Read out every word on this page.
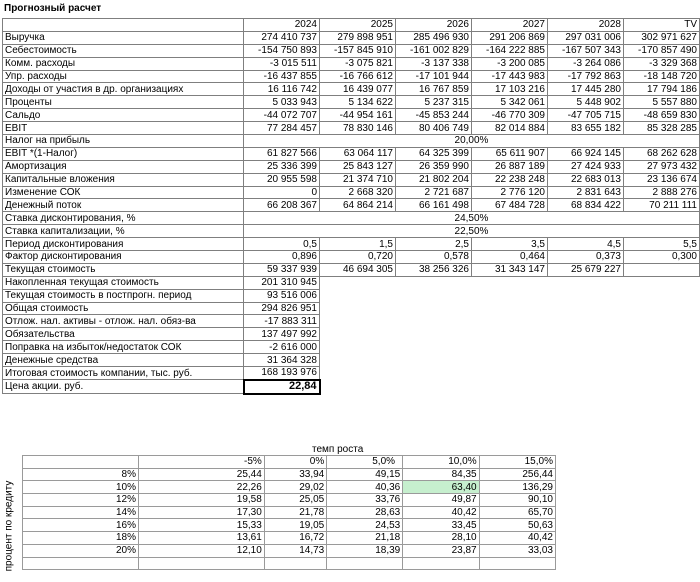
Прогнозный расчет
	2024	2025	2026	2027	2028	TV
Выручка	274 410 737	279 898 951	285 496 930	291 206 869	297 031 006	302 971 627
Себестоимость	-154 750 893	-157 845 910	-161 002 829	-164 222 885	-167 507 343	-170 857 490
Комм. расходы	-3 015 511	-3 075 821	-3 137 338	-3 200 085	-3 264 086	-3 329 368
Упр. расходы	-16 437 855	-16 766 612	-17 101 944	-17 443 983	-17 792 863	-18 148 720
Доходы от участия в др. организациях	16 116 742	16 439 077	16 767 859	17 103 216	17 445 280	17 794 186
Проценты	5 033 943	5 134 622	5 237 315	5 342 061	5 448 902	5 557 880
Сальдо	-44 072 707	-44 954 161	-45 853 244	-46 770 309	-47 705 715	-48 659 830
EBIT	77 284 457	78 830 146	80 406 749	82 014 884	83 655 182	85 328 285
Налог на прибыль	20,00%					
EBIT *(1-Налог)	61 827 566	63 064 117	64 325 399	65 611 907	66 924 145	68 262 628
Амортизация	25 336 399	25 843 127	26 359 990	26 887 189	27 424 933	27 973 432
Капитальные вложения	20 955 598	21 374 710	21 802 204	22 238 248	22 683 013	23 136 674
Изменение СОК	0	2 668 320	2 721 687	2 776 120	2 831 643	2 888 276
Денежный поток	66 208 367	64 864 214	66 161 498	67 484 728	68 834 422	70 211 111
Ставка дисконтирования, %	24,50%					
Ставка капитализации, %	22,50%					
Период дисконтирования	0,5	1,5	2,5	3,5	4,5	5,5
Фактор дисконтирования	0,896	0,720	0,578	0,464	0,373	0,300
Текущая стоимость	59 337 939	46 694 305	38 256 326	31 343 147	25 679 227	
Накопленная текущая стоимость	201 310 945					
Текущая стоимость в постпрогн. период	93 516 006					
Общая стоимость	294 826 951					
Отлож. нал. активы - отлож. нал. обяз-ва	-17 883 311					
Обязательства	137 497 992					
Поправка на избыток/недостаток СОК	-2 616 000					
Денежные средства	31 364 328					
Итоговая стоимость компании, тыс. руб.	168 193 976					
Цена акции. руб.	22,84					
темп роста
процент по кредиту
	-5%	0%	5,0%	10,0%	15,0%
8%	25,44	33,94	49,15	84,35	256,44
10%	22,26	29,02	40,36	63,40	136,29
12%	19,58	25,05	33,76	49,87	90,10
14%	17,30	21,78	28,63	40,42	65,70
16%	15,33	19,05	24,53	33,45	50,63
18%	13,61	16,72	21,18	28,10	40,42
20%	12,10	14,73	18,39	23,87	33,03
